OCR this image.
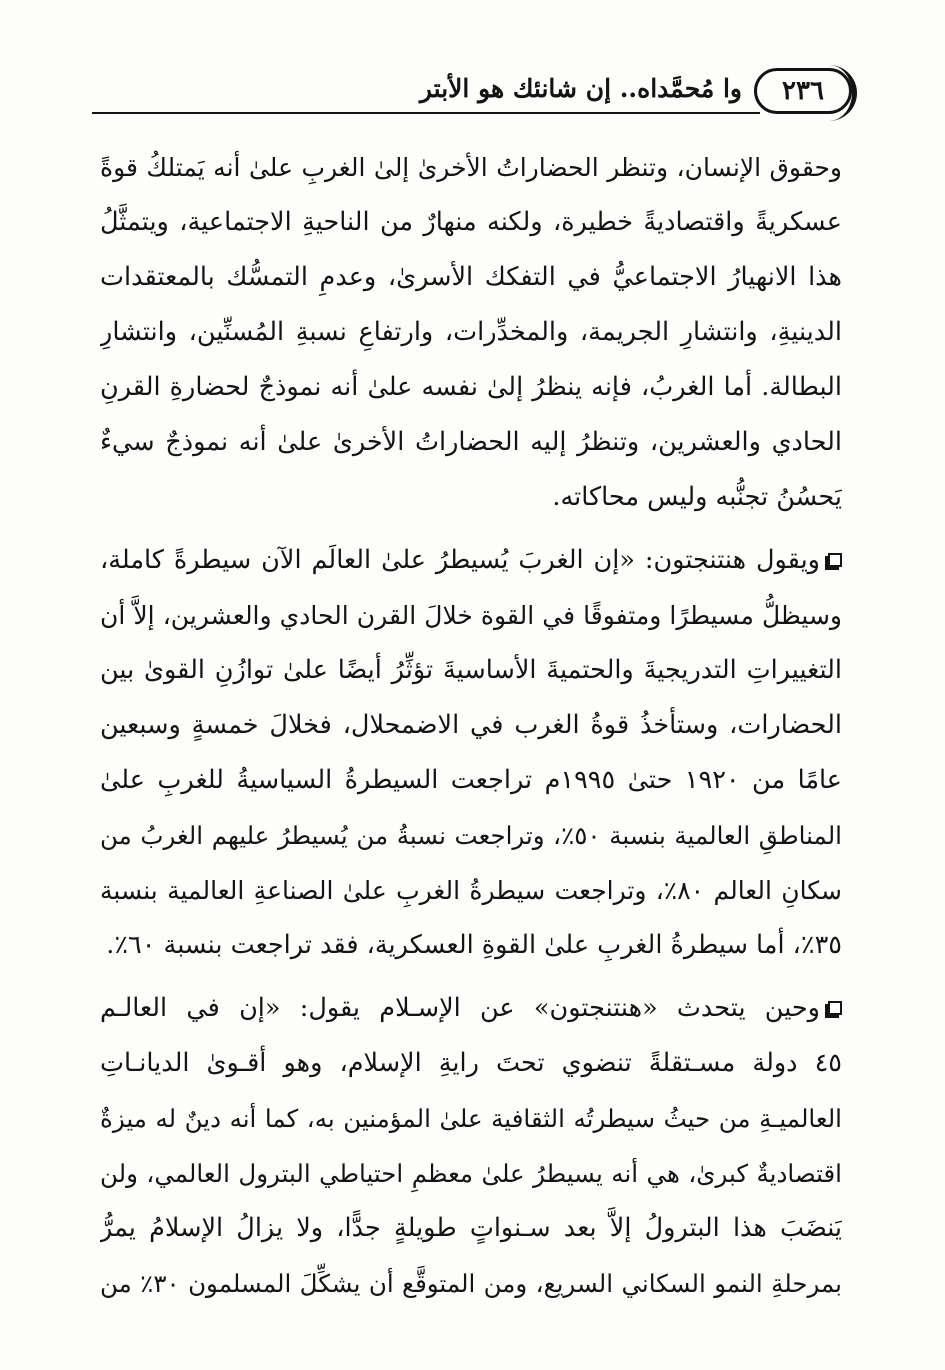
٢٣٦
وا مُحمَّداه.. إن شانئك هو الأبتر
وحقوق الإنسان، وتنظر الحضاراتُ الأخرىٰ إلىٰ الغربِ علىٰ أنه يَمتلكُ قوةً
عسكريةً واقتصاديةً خطيرة، ولكنه منهارٌ من الناحيةِ الاجتماعية، ويتمثَّلُ
هذا الانهيارُ الاجتماعيُّ في التفكك الأسرىٰ، وعدمِ التمسُّك بالمعتقدات
الدينيةِ، وانتشارِ الجريمة، والمخدِّرات، وارتفاعِ نسبةِ المُسنِّين، وانتشارِ
البطالة. أما الغربُ، فإنه ينظرُ إلىٰ نفسه علىٰ أنه نموذجٌ لحضارةِ القرنِ
الحادي والعشرين، وتنظرُ إليه الحضاراتُ الأخرىٰ علىٰ أنه نموذجٌ سيءٌ
يَحسُنُ تجنُّبه وليس محاكاته.
ويقول هنتنجتون: «إن الغربَ يُسيطرُ علىٰ العالَم الآن سيطرةً كاملة،
وسيظلُّ مسيطرًا ومتفوقًا في القوة خلالَ القرن الحادي والعشرين، إلاَّ أن
التغييراتِ التدريجيةَ والحتميةَ الأساسيةَ تؤثِّرُ أيضًا علىٰ توازُنِ القوىٰ بين
الحضارات، وستأخذُ قوةُ الغرب في الاضمحلال، فخلالَ خمسةٍ وسبعين
عامًا من ١٩٢٠ حتىٰ ١٩٩٥م تراجعت السيطرةُ السياسيةُ للغربِ علىٰ
المناطقِ العالمية بنسبة ٥٠٪، وتراجعت نسبةُ من يُسيطرُ عليهم الغربُ من
سكانِ العالم ٨٠٪، وتراجعت سيطرةُ الغربِ علىٰ الصناعةِ العالمية بنسبة
٣٥٪، أما سيطرةُ الغربِ علىٰ القوةِ العسكرية، فقد تراجعت بنسبة ٦٠٪.
وحين يتحدث «هنتنجتون» عن الإسـلام يقول: «إن في العالـم
٤٥ دولة مسـتقلةً تنضوي تحتَ رايةِ الإسلام، وهو أقـوىٰ الديانـاتِ
العالميـةِ من حيثُ سيطرتُه الثقافية علىٰ المؤمنين به، كما أنه دينٌ له ميزةٌ
اقتصاديةٌ كبرىٰ، هي أنه يسيطرُ علىٰ معظمِ احتياطي البترول العالمي، ولن
يَنضَبَ هذا البترولُ إلاَّ بعد سـنواتٍ طويلةٍ جدًّا، ولا يزالُ الإسلامُ يمرُّ
بمرحلةِ النمو السكاني السريع، ومن المتوقَّع أن يشكِّلَ المسلمون ٣٠٪ من
